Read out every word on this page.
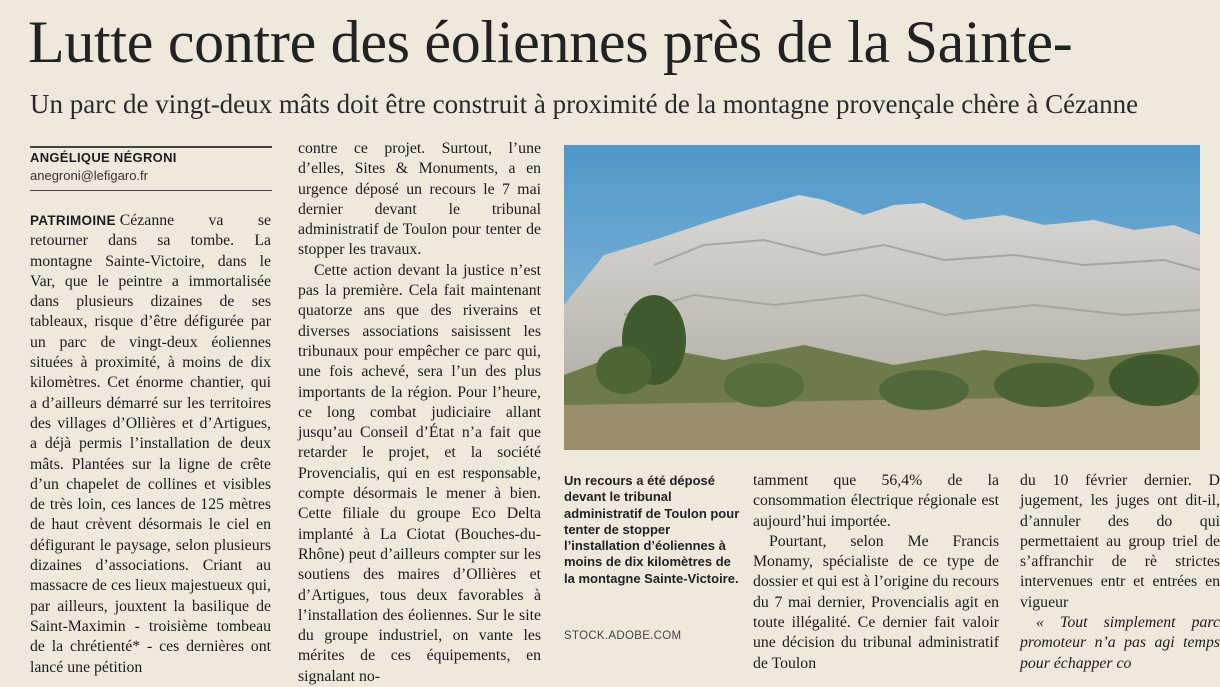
Lutte contre des éoliennes près de la Sainte-
Un parc de vingt-deux mâts doit être construit à proximité de la montagne provençale chère à Cézanne
ANGÉLIQUE NÉGRONI
anegroni@lefigaro.fr

PATRIMOINE Cézanne va se retourner dans sa tombe. La montagne Sainte-Victoire, dans le Var, que le peintre a immortalisée dans plusieurs dizaines de ses tableaux, risque d’être défigurée par un parc de vingt-deux éoliennes situées à proximité, à moins de dix kilomètres. Cet énorme chantier, qui a d’ailleurs démarré sur les territoires des villages d’Ollières et d’Artigues, a déjà permis l’installation de deux mâts. Plantées sur la ligne de crête d’un chapelet de collines et visibles de très loin, ces lances de 125 mètres de haut crèvent désormais le ciel en défigurant le paysage, selon plusieurs dizaines d’associations. Criant au massacre de ces lieux majestueux qui, par ailleurs, jouxtent la basilique de Saint-Maximin - troisième tombeau de la chrétienté* - ces dernières ont lancé une pétition

contre ce projet. Surtout, l’une d’elles, Sites & Monuments, a en urgence déposé un recours le 7 mai dernier devant le tribunal administratif de Toulon pour tenter de stopper les travaux.

Cette action devant la justice n’est pas la première. Cela fait maintenant quatorze ans que des riverains et diverses associations saisissent les tribunaux pour empêcher ce parc qui, une fois achevé, sera l’un des plus importants de la région. Pour l’heure, ce long combat judiciaire allant jusqu’au Conseil d’État n’a fait que retarder le projet, et la société Provencialis, qui en est responsable, compte désormais le mener à bien. Cette filiale du groupe Eco Delta implanté à La Ciotat (Bouches-du-Rhône) peut d’ailleurs compter sur les soutiens des maires d’Ollières et d’Artigues, tous deux favorables à l’installation des éoliennes. Sur le site du groupe industriel, on vante les mérites de ces équipements, en signalant no-

Un recours a été déposé devant le tribunal administratif de Toulon pour tenter de stopper l’installation d’éoliennes à moins de dix kilomètres de la montagne Sainte-Victoire.
STOCK.ADOBE.COM

tamment que 56,4% de la consommation électrique régionale est aujourd’hui importée.

Pourtant, selon Me Francis Monamy, spécialiste de ce type de dossier et qui est à l’origine du recours du 7 mai dernier, Provencialis agit en toute illégalité. Ce dernier fait valoir une décision du tribunal administratif de Toulon

du 10 février dernier. D jugement, les juges ont dit-il, d’annuler des do qui permettaient au group triel de s’affranchir de rè strictes intervenues entr et entrées en vigueur

« Tout simplement parc promoteur n’a pas agi temps pour échapper co
